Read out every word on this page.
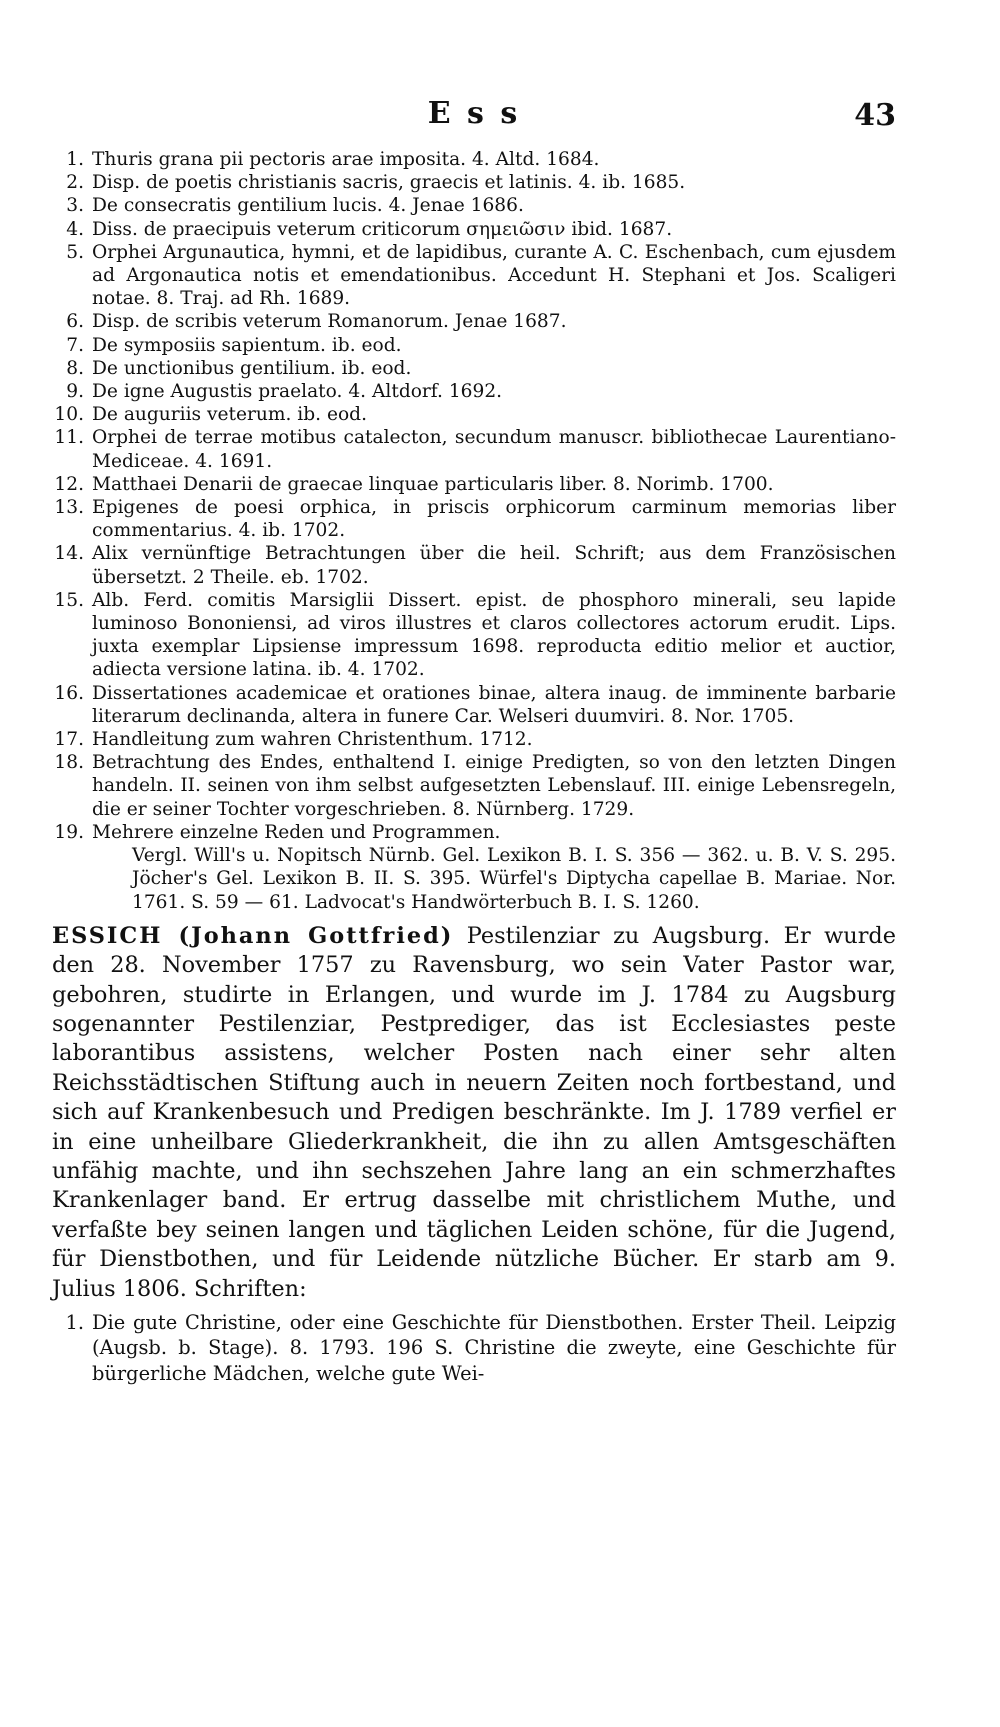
E s s	43
1. Thuris grana pii pectoris arae imposita. 4. Altd. 1684.
2. Disp. de poetis christianis sacris, graecis et latinis. 4. ib. 1685.
3. De consecratis gentilium lucis. 4. Jenae 1686.
4. Diss. de praecipuis veterum criticorum σημειῶσιν ibid. 1687.
5. Orphei Argunautica, hymni, et de lapidibus, curante A. C. Eschenbach, cum ejusdem ad Argonautica notis et emendationibus. Accedunt H. Stephani et Jos. Scaligeri notae. 8. Traj. ad Rh. 1689.
6. Disp. de scribis veterum Romanorum. Jenae 1687.
7. De symposiis sapientum. ib. eod.
8. De unctionibus gentilium. ib. eod.
9. De igne Augustis praelato. 4. Altdorf. 1692.
10. De auguriis veterum. ib. eod.
11. Orphei de terrae motibus catalecton, secundum manuscr. bibliothecae Laurentiano-Mediceae. 4. 1691.
12. Matthaei Denarii de graecae linquae particularis liber. 8. Norimb. 1700.
13. Epigenes de poesi orphica, in priscis orphicorum carminum memorias liber commentarius. 4. ib. 1702.
14. Alix vernünftige Betrachtungen über die heil. Schrift; aus dem Französischen übersetzt. 2 Theile. eb. 1702.
15. Alb. Ferd. comitis Marsiglii Dissert. epist. de phosphoro minerali, seu lapide luminoso Bononiensi, ad viros illustres et claros collectores actorum erudit. Lips. juxta exemplar Lipsiense impressum 1698. reproducta editio melior et auctior, adiecta versione latina. ib. 4. 1702.
16. Dissertationes academicae et orationes binae, altera inaug. de imminente barbarie literarum declinanda, altera in funere Car. Welseri duumviri. 8. Nor. 1705.
17. Handleitung zum wahren Christenthum. 1712.
18. Betrachtung des Endes, enthaltend I. einige Predigten, so von den letzten Dingen handeln. II. seinen von ihm selbst aufgesetzten Lebenslauf. III. einige Lebensregeln, die er seiner Tochter vorgeschrieben. 8. Nürnberg. 1729.
19. Mehrere einzelne Reden und Programmen.
Vergl. Will's u. Nopitsch Nürnb. Gel. Lexikon B. I. S. 356 — 362. u. B. V. S. 295. Jöcher's Gel. Lexikon B. II. S. 395. Würfel's Diptycha capellae B. Mariae. Nor. 1761. S. 59 — 61. Ladvocat's Handwörterbuch B. I. S. 1260.
ESSICH (Johann Gottfried) Pestilenziar zu Augsburg. Er wurde den 28. November 1757 zu Ravensburg, wo sein Vater Pastor war, gebohren, studirte in Erlangen, und wurde im J. 1784 zu Augsburg sogenannter Pestilenziar, Pestprediger, das ist Ecclesiastes peste laborantibus assistens, welcher Posten nach einer sehr alten Reichsstädtischen Stiftung auch in neuern Zeiten noch fortbestand, und sich auf Krankenbesuch und Predigen beschränkte. Im J. 1789 verfiel er in eine unheilbare Gliederkrankheit, die ihn zu allen Amtsgeschäften unfähig machte, und ihn sechszehen Jahre lang an ein schmerzhaftes Krankenlager band. Er ertrug dasselbe mit christlichem Muthe, und verfaßte bey seinen langen und täglichen Leiden schöne, für die Jugend, für Dienstbothen, und für Leidende nützliche Bücher. Er starb am 9. Julius 1806. Schriften:
1. Die gute Christine, oder eine Geschichte für Dienstbothen. Erster Theil. Leipzig (Augsb. b. Stage). 8. 1793. 196 S. Christine die zweyte, eine Geschichte für bürgerliche Mädchen, welche gute Wei-
